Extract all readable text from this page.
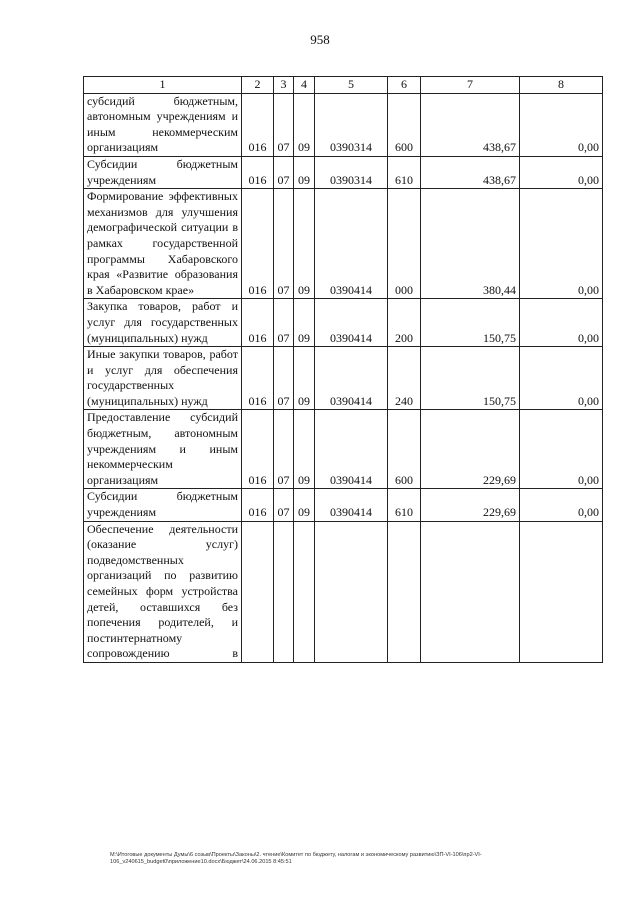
958
1	2	3	4	5	6	7	8
субсидий бюджетным, автономным учреждениям и иным некоммерческим организациям	016	07	09	0390314	600	438,67	0,00
Субсидии бюджетным учреждениям	016	07	09	0390314	610	438,67	0,00
Формирование эффективных механизмов для улучшения демографической ситуации в рамках государственной программы Хабаровского края «Развитие образования в Хабаровском крае»	016	07	09	0390414	000	380,44	0,00
Закупка товаров, работ и услуг для государственных (муниципальных) нужд	016	07	09	0390414	200	150,75	0,00
Иные закупки товаров, работ и услуг для обеспечения государственных (муниципальных) нужд	016	07	09	0390414	240	150,75	0,00
Предоставление субсидий бюджетным, автономным учреждениям и иным некоммерческим организациям	016	07	09	0390414	600	229,69	0,00
Субсидии бюджетным учреждениям	016	07	09	0390414	610	229,69	0,00
Обеспечение деятельности (оказание услуг) подведомственных организаций по развитию семейных форм устройства детей, оставшихся без попечения родителей, и постинтернатному сопровождению в							
M:\Итоговые документы Думы\6 созыв\Проекты\Законы\2. чтение\Комитет по бюджету, налогам и экономическому развитию\ЗП-VI-106\пр2-VI-106_v240615_budget0\приложение10.docx\Бюджет\24.06.2015 8:45:51
